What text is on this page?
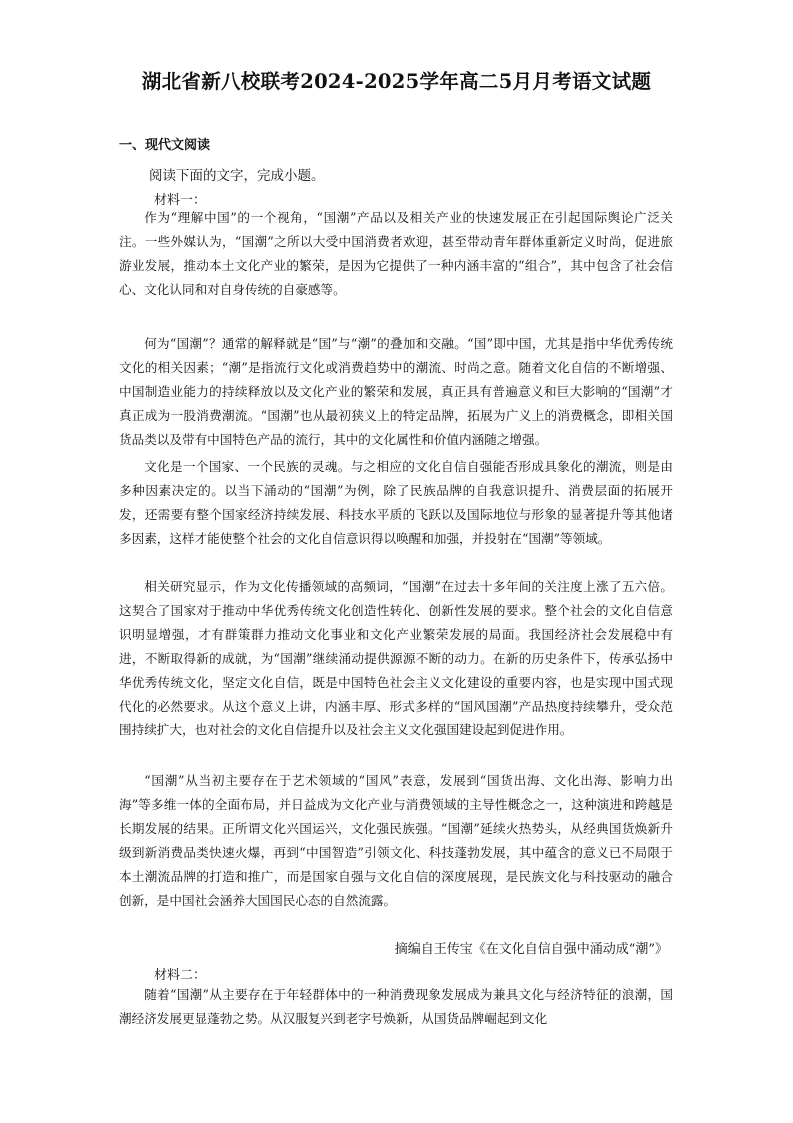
湖北省新八校联考2024-2025学年高二5月月考语文试题
一、现代文阅读
阅读下面的文字，完成小题。
材料一：

作为“理解中国”的一个视角，“国潮”产品以及相关产业的快速发展正在引起国际舆论广泛关注。一些外媒认为，“国潮”之所以大受中国消费者欢迎，甚至带动青年群体重新定义时尚，促进旅游业发展，推动本土文化产业的繁荣，是因为它提供了一种内涵丰富的“组合”，其中包含了社会信心、文化认同和对自身传统的自豪感等。

何为“国潮”？通常的解释就是“国”与“潮”的叠加和交融。“国”即中国，尤其是指中华优秀传统文化的相关因素；“潮”是指流行文化或消费趋势中的潮流、时尚之意。随着文化自信的不断增强、中国制造业能力的持续释放以及文化产业的繁荣和发展，真正具有普遍意义和巨大影响的“国潮”才真正成为一股消费潮流。“国潮”也从最初狭义上的特定品牌，拓展为广义上的消费概念，即相关国货品类以及带有中国特色产品的流行，其中的文化属性和价值内涵随之增强。

文化是一个国家、一个民族的灵魂。与之相应的文化自信自强能否形成具象化的潮流，则是由多种因素决定的。以当下涌动的“国潮”为例，除了民族品牌的自我意识提升、消费层面的拓展开发，还需要有整个国家经济持续发展、科技水平质的飞跃以及国际地位与形象的显著提升等其他诸多因素，这样才能使整个社会的文化自信意识得以唤醒和加强，并投射在“国潮”等领域。

相关研究显示，作为文化传播领域的高频词，“国潮”在过去十多年间的关注度上涨了五六倍。这契合了国家对于推动中华优秀传统文化创造性转化、创新性发展的要求。整个社会的文化自信意识明显增强，才有群策群力推动文化事业和文化产业繁荣发展的局面。我国经济社会发展稳中有进，不断取得新的成就，为“国潮”继续涌动提供源源不断的动力。在新的历史条件下，传承弘扬中华优秀传统文化，坚定文化自信，既是中国特色社会主义文化建设的重要内容，也是实现中国式现代化的必然要求。从这个意义上讲，内涵丰厚、形式多样的“国风国潮”产品热度持续攀升，受众范围持续扩大，也对社会的文化自信提升以及社会主义文化强国建设起到促进作用。

“国潮”从当初主要存在于艺术领域的“国风”表意，发展到“国货出海、文化出海、影响力出海”等多维一体的全面布局，并日益成为文化产业与消费领域的主导性概念之一，这种演进和跨越是长期发展的结果。正所谓文化兴国运兴，文化强民族强。“国潮”延续火热势头，从经典国货焕新升级到新消费品类快速火爆，再到“中国智造”引领文化、科技蓬勃发展，其中蕴含的意义已不局限于本土潮流品牌的打造和推广，而是国家自强与文化自信的深度展现，是民族文化与科技驱动的融合创新，是中国社会涵养大国国民心态的自然流露。

摘编自王传宝《在文化自信自强中涌动成“潮”》
材料二：

随着“国潮”从主要存在于年轻群体中的一种消费现象发展成为兼具文化与经济特征的浪潮，国潮经济发展更显蓬勃之势。从汉服复兴到老字号焕新，从国货品牌崛起到文化
